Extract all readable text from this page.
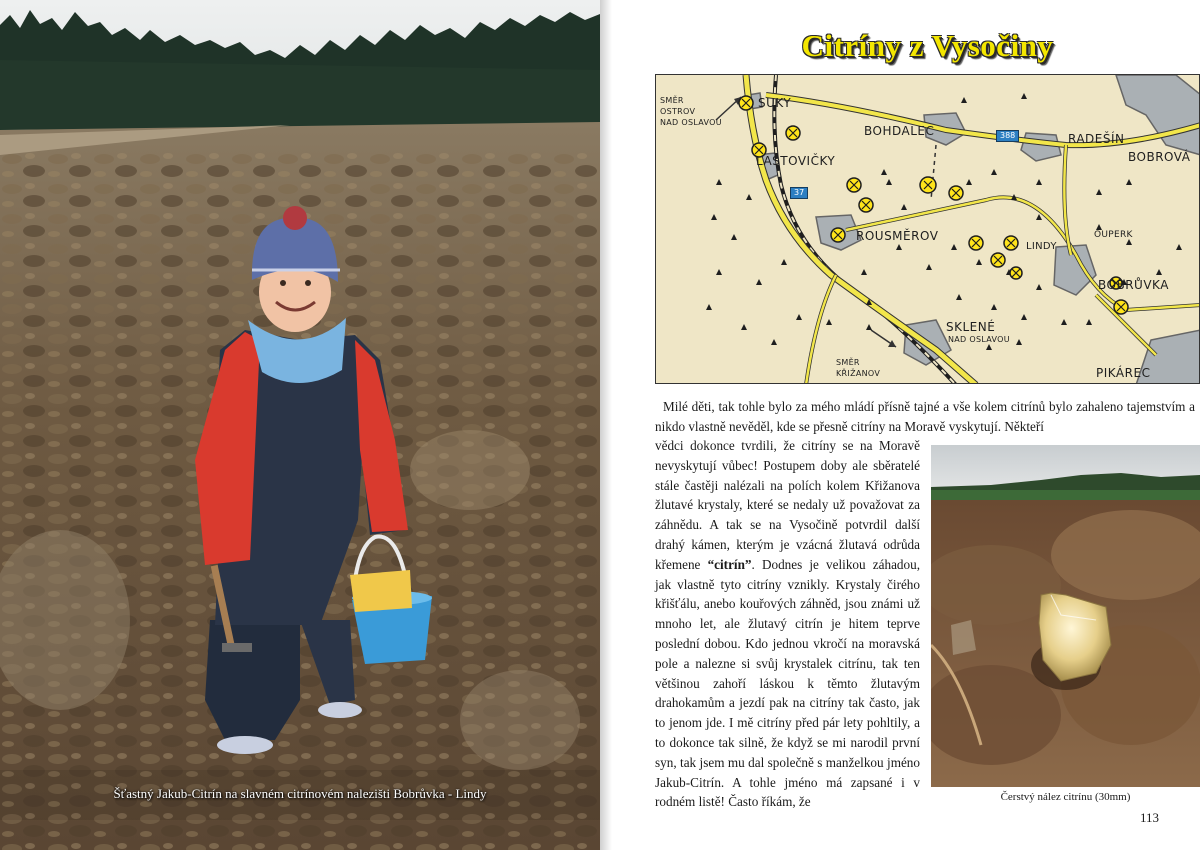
Šťastný Jakub-Citrín na slavném citrínovém nalezišti Bobrůvka - Lindy
Citríny z Vysočiny
SUKY
BOHDALEC
RADEŠÍN
BOBROVÁ
LAŠTOVIČKY
ROUSMĚROV
LINDY
OUPERK
BOBRŮVKA
SKLENÉ
NAD OSLAVOU
PIKÁREC
SMĚR
OSTROV
NAD OSLAVOU
SMĚR
KŘIŽANOV
37
388

Milé děti, tak tohle bylo za mého mládí přísně tajné a vše kolem citrínů bylo zahaleno tajemstvím a nikdo vlastně nevěděl, kde se přesně citríny na Moravě vyskytují. Někteří

vědci dokonce tvrdili, že citríny se na Moravě nevyskytují vůbec! Postupem doby ale sběratelé stále častěji nalézali na polích kolem Křižanova žlutavé krystaly, které se nedaly už považovat za záhnědu. A tak se na Vysočině potvrdil další drahý kámen, kterým je vzácná žlutavá odrůda křemene “citrín”. Dodnes je velikou záhadou, jak vlastně tyto citríny vznikly. Krystaly čirého křišťálu, anebo kouřových záhněd, jsou známi už mnoho let, ale žlutavý citrín je hitem teprve poslední dobou. Kdo jednou vkročí na moravská pole a nalezne si svůj krystalek citrínu, tak ten většinou zahoří láskou k těmto žlutavým drahokamům a jezdí pak na citríny tak často, jak to jenom jde. I mě citríny před pár lety pohltily, a to dokonce tak silně, že když se mi narodil první syn, tak jsem mu dal společně s manželkou jméno Jakub-Citrín. A tohle jméno má zapsané i v rodném listě! Často říkám, že	Čerstvý nález citrínu (30mm)
113
